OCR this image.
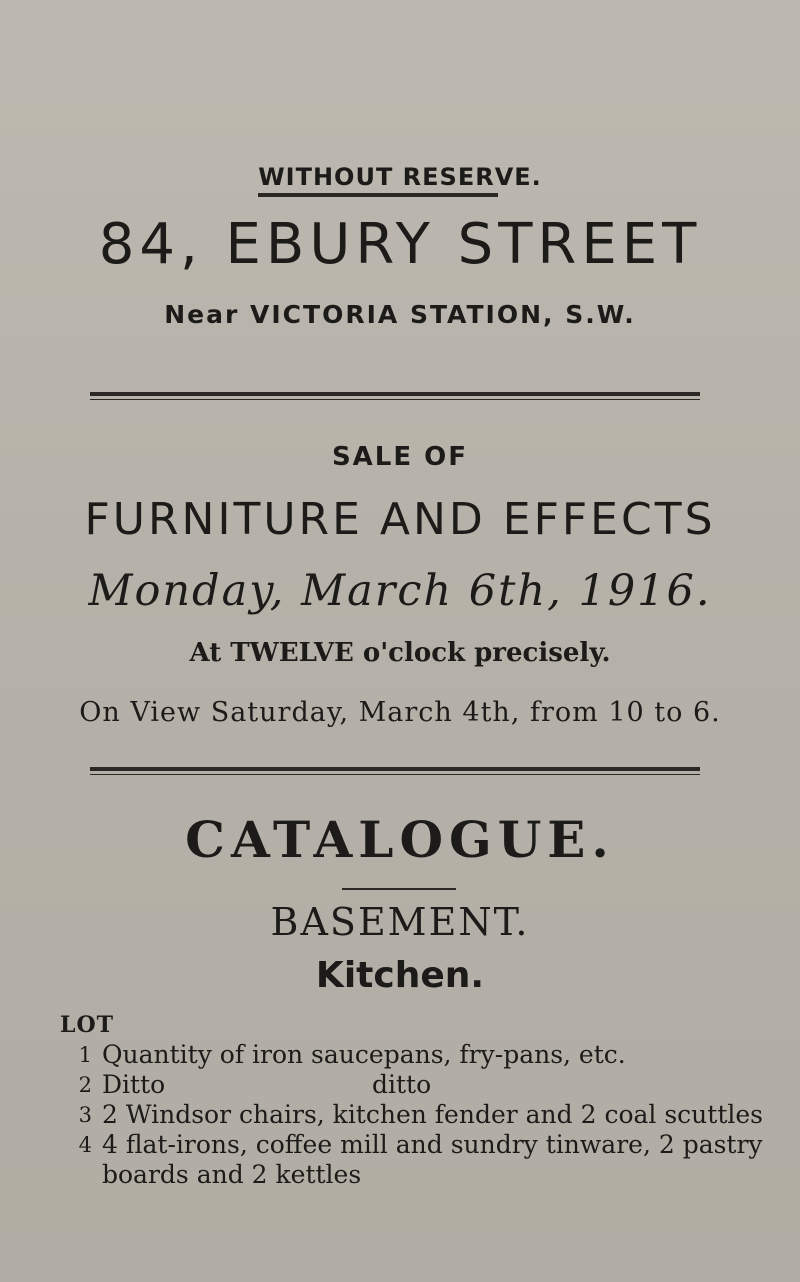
WITHOUT RESERVE.
84, EBURY STREET
Near VICTORIA STATION, S.W.
SALE OF
FURNITURE AND EFFECTS
Monday, March 6th, 1916.
At TWELVE o'clock precisely.
On View Saturday, March 4th, from 10 to 6.
CATALOGUE.
BASEMENT.
Kitchen.
LOT
1 Quantity of iron saucepans, fry-pans, etc.
2 Ditto	ditto
3 2 Windsor chairs, kitchen fender and 2 coal scuttles
4 4 flat-irons, coffee mill and sundry tinware, 2 pastry boards and 2 kettles
